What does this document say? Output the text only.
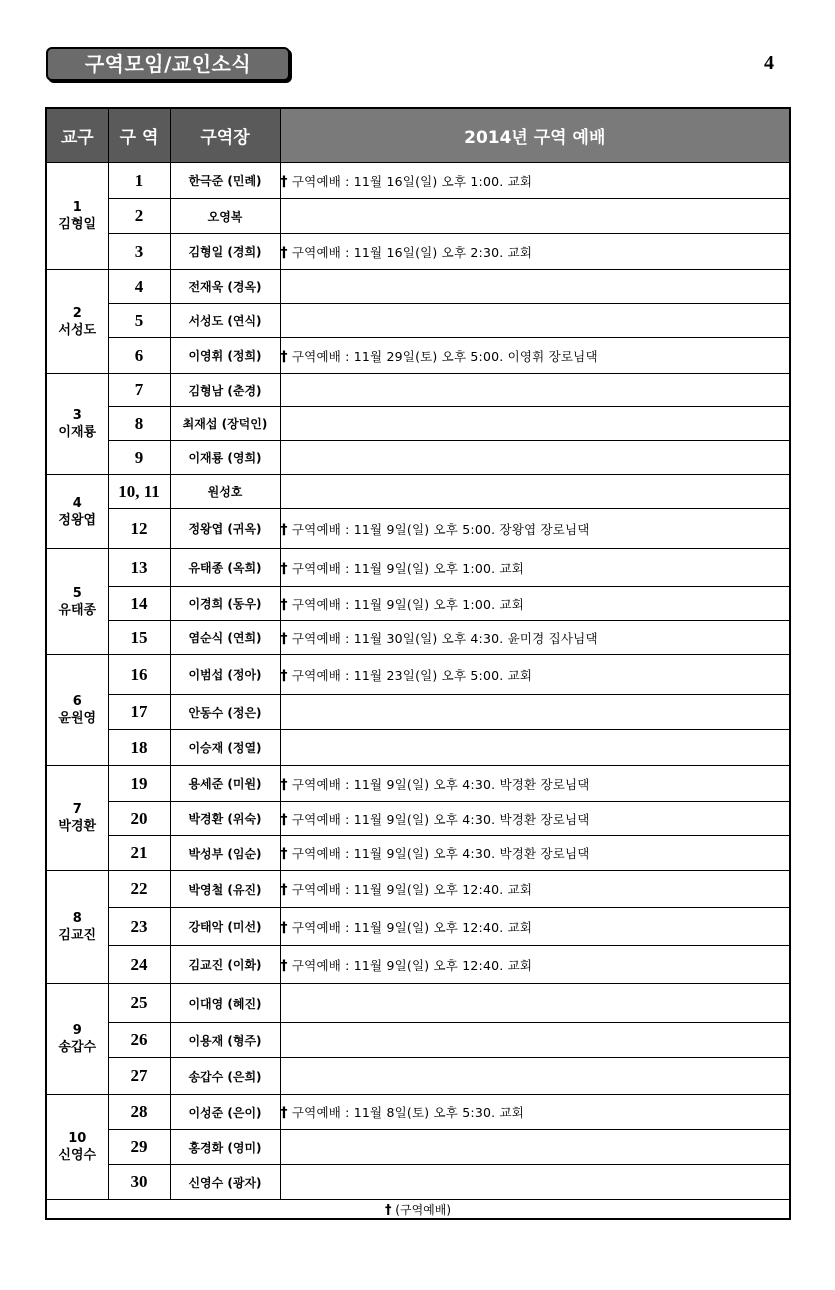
구역모임/교인소식	4
교구	구 역	구역장	2014년 구역 예배

1
김형일	1	한극준 (민례)	† 구역예배 : 11월 16일(일) 오후 1:00. 교회
	2	오영복	
	3	김형일 (경희)	† 구역예배 : 11월 16일(일) 오후 2:30. 교회

2
서성도	4	전재욱 (경옥)	
	5	서성도 (연식)	
	6	이영휘 (정희)	† 구역예배 : 11월 29일(토) 오후 5:00. 이영휘 장로님댁

3
이재룡	7	김형남 (춘경)	
	8	최재섭 (장덕인)	
	9	이재룡 (영희)	

4
정왕엽	10, 11	원성호	
	12	정왕엽 (귀옥)	† 구역예배 : 11월 9일(일) 오후 5:00. 장왕엽 장로님댁

5
유태종	13	유태종 (옥희)	† 구역예배 : 11월 9일(일) 오후 1:00. 교회
	14	이경희 (동우)	† 구역예배 : 11월 9일(일) 오후 1:00. 교회
	15	염순식 (연희)	† 구역예배 : 11월 30일(일) 오후 4:30. 윤미경 집사님댁

6
윤원영	16	이범섭 (정아)	† 구역예배 : 11월 23일(일) 오후 5:00. 교회
	17	안동수 (정은)	
	18	이승재 (정열)	

7
박경환	19	용세준 (미원)	† 구역예배 : 11월 9일(일) 오후 4:30. 박경환 장로님댁
	20	박경환 (위숙)	† 구역예배 : 11월 9일(일) 오후 4:30. 박경환 장로님댁
	21	박성부 (임순)	† 구역예배 : 11월 9일(일) 오후 4:30. 박경환 장로님댁

8
김교진	22	박영철 (유진)	† 구역예배 : 11월 9일(일) 오후 12:40. 교회
	23	강태악 (미선)	† 구역예배 : 11월 9일(일) 오후 12:40. 교회
	24	김교진 (이화)	† 구역예배 : 11월 9일(일) 오후 12:40. 교회

9
송갑수	25	이대영 (혜진)	
	26	이용재 (형주)	
	27	송갑수 (은희)	

10
신영수	28	이성준 (은이)	† 구역예배 : 11월 8일(토) 오후 5:30. 교회
	29	홍경화 (영미)	
	30	신영수 (광자)	
† (구역예배)			
